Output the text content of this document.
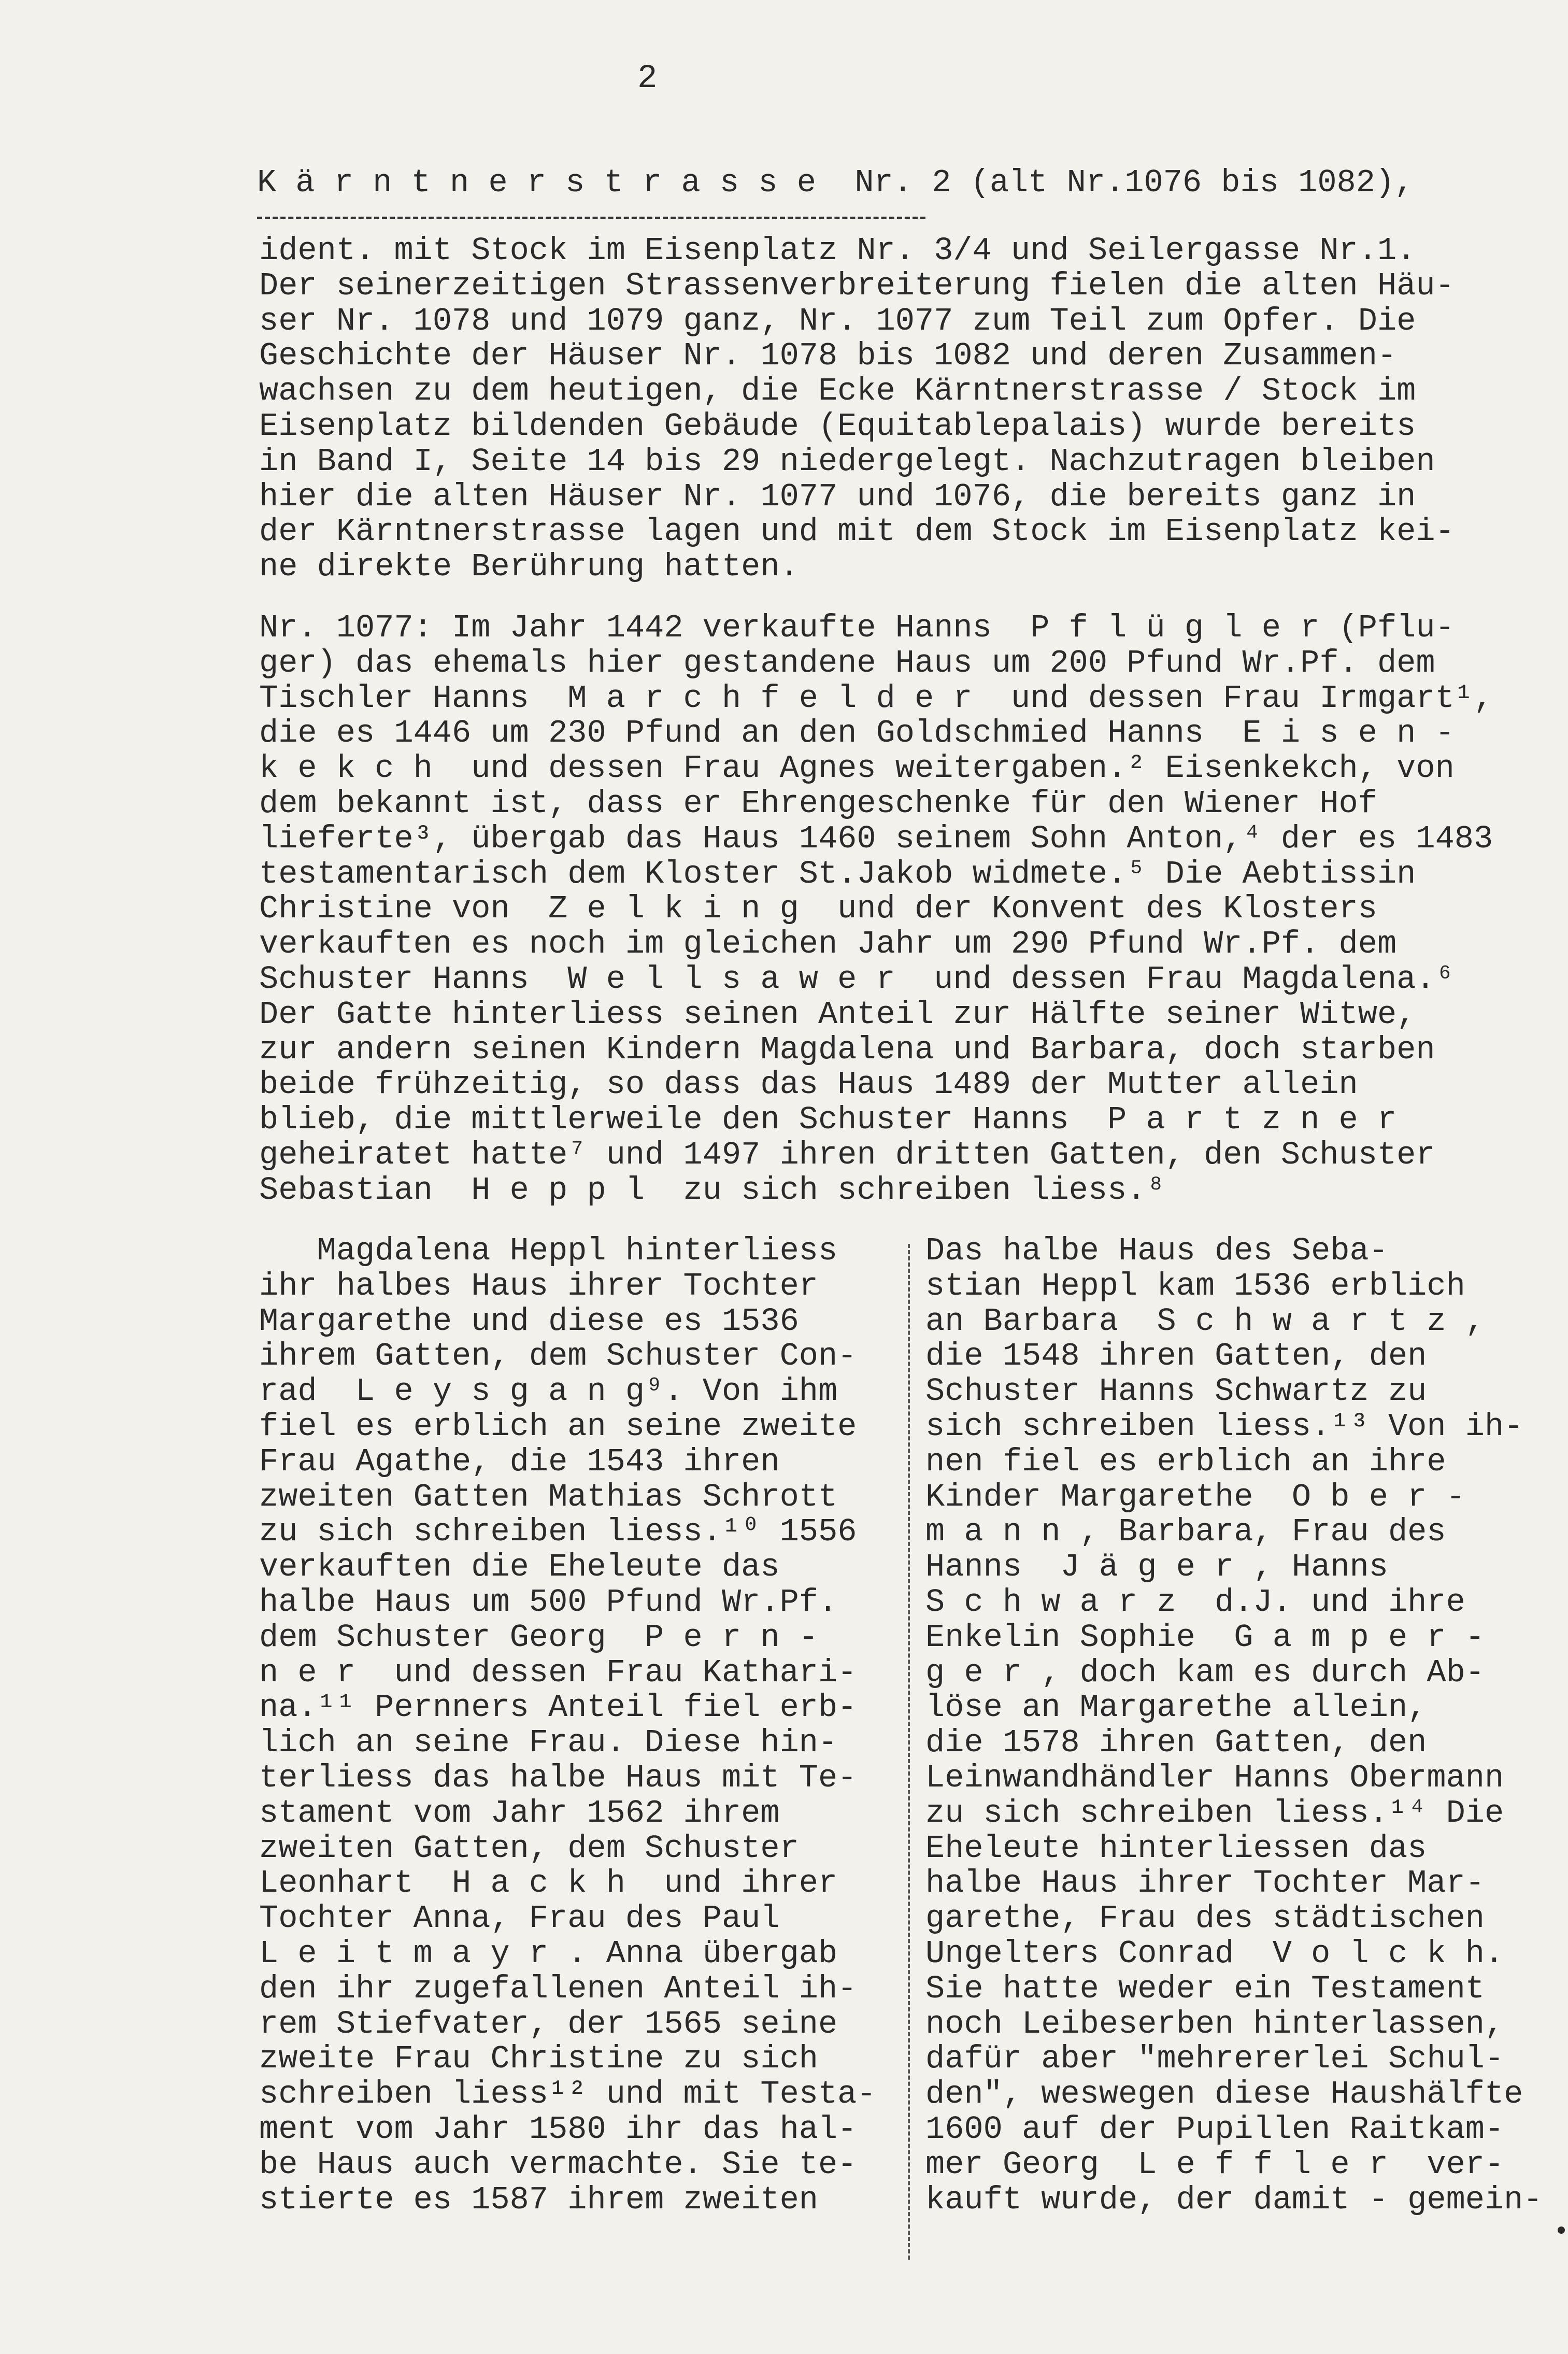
2
K ä r n t n e r s t r a s s e  Nr. 2 (alt Nr.1076 bis 1082),
ident. mit Stock im Eisenplatz Nr. 3/4 und Seilergasse Nr.1.
Der seinerzeitigen Strassenverbreiterung fielen die alten Häu-
ser Nr. 1078 und 1079 ganz, Nr. 1077 zum Teil zum Opfer. Die
Geschichte der Häuser Nr. 1078 bis 1082 und deren Zusammen-
wachsen zu dem heutigen, die Ecke Kärntnerstrasse / Stock im
Eisenplatz bildenden Gebäude (Equitablepalais) wurde bereits
in Band I, Seite 14 bis 29 niedergelegt. Nachzutragen bleiben
hier die alten Häuser Nr. 1077 und 1076, die bereits ganz in
der Kärntnerstrasse lagen und mit dem Stock im Eisenplatz kei-
ne direkte Berührung hatten.
Nr. 1077: Im Jahr 1442 verkaufte Hanns  P f l ü g l e r (Pflu-
ger) das ehemals hier gestandene Haus um 200 Pfund Wr.Pf. dem
Tischler Hanns  M a r c h f e l d e r  und dessen Frau Irmgart¹,
die es 1446 um 230 Pfund an den Goldschmied Hanns  E i s e n -
k e k c h  und dessen Frau Agnes weitergaben.² Eisenkekch, von
dem bekannt ist, dass er Ehrengeschenke für den Wiener Hof
lieferte³, übergab das Haus 1460 seinem Sohn Anton,⁴ der es 1483
testamentarisch dem Kloster St.Jakob widmete.⁵ Die Aebtissin
Christine von  Z e l k i n g  und der Konvent des Klosters
verkauften es noch im gleichen Jahr um 290 Pfund Wr.Pf. dem
Schuster Hanns  W e l l s a w e r  und dessen Frau Magdalena.⁶
Der Gatte hinterliess seinen Anteil zur Hälfte seiner Witwe,
zur andern seinen Kindern Magdalena und Barbara, doch starben
beide frühzeitig, so dass das Haus 1489 der Mutter allein
blieb, die mittlerweile den Schuster Hanns  P a r t z n e r
geheiratet hatte⁷ und 1497 ihren dritten Gatten, den Schuster
Sebastian  H e p p l  zu sich schreiben liess.⁸
Magdalena Heppl hinterliess
ihr halbes Haus ihrer Tochter
Margarethe und diese es 1536
ihrem Gatten, dem Schuster Con-
rad  L e y s g a n g⁹. Von ihm
fiel es erblich an seine zweite
Frau Agathe, die 1543 ihren
zweiten Gatten Mathias Schrott
zu sich schreiben liess.¹⁰ 1556
verkauften die Eheleute das
halbe Haus um 500 Pfund Wr.Pf.
dem Schuster Georg  P e r n -
n e r  und dessen Frau Kathari-
na.¹¹ Pernners Anteil fiel erb-
lich an seine Frau. Diese hin-
terliess das halbe Haus mit Te-
stament vom Jahr 1562 ihrem
zweiten Gatten, dem Schuster
Leonhart  H a c k h  und ihrer
Tochter Anna, Frau des Paul
L e i t m a y r . Anna übergab
den ihr zugefallenen Anteil ih-
rem Stiefvater, der 1565 seine
zweite Frau Christine zu sich
schreiben liess¹² und mit Testa-
ment vom Jahr 1580 ihr das hal-
be Haus auch vermachte. Sie te-
stierte es 1587 ihrem zweiten
Das halbe Haus des Seba-
stian Heppl kam 1536 erblich
an Barbara  S c h w a r t z ,
die 1548 ihren Gatten, den
Schuster Hanns Schwartz zu
sich schreiben liess.¹³ Von ih-
nen fiel es erblich an ihre
Kinder Margarethe  O b e r -
m a n n , Barbara, Frau des
Hanns  J ä g e r , Hanns
S c h w a r z  d.J. und ihre
Enkelin Sophie  G a m p e r -
g e r , doch kam es durch Ab-
löse an Margarethe allein,
die 1578 ihren Gatten, den
Leinwandhändler Hanns Obermann
zu sich schreiben liess.¹⁴ Die
Eheleute hinterliessen das
halbe Haus ihrer Tochter Mar-
garethe, Frau des städtischen
Ungelters Conrad  V o l c k h.
Sie hatte weder ein Testament
noch Leibeserben hinterlassen,
dafür aber "mehrererlei Schul-
den", weswegen diese Haushälfte
1600 auf der Pupillen Raitkam-
mer Georg  L e f f l e r  ver-
kauft wurde, der damit - gemein-
